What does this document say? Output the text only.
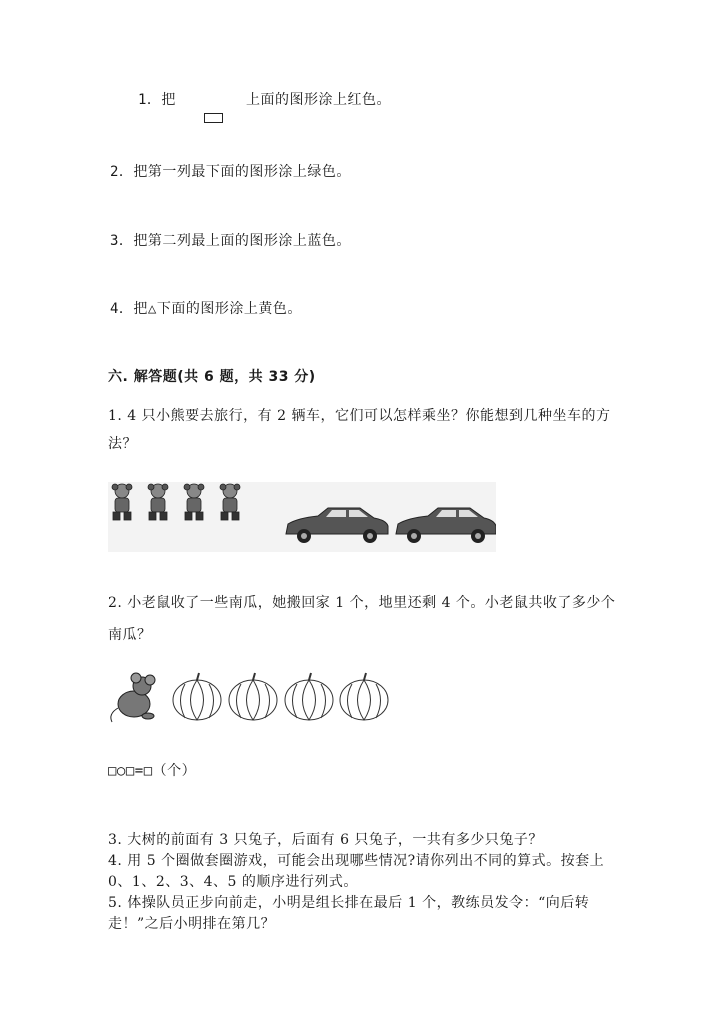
1．把	上面的图形涂上红色。
2．把第一列最下面的图形涂上绿色。
3．把第二列最上面的图形涂上蓝色。
4．把△下面的图形涂上黄色。
六. 解答题(共 6 题，共 33 分)
1. 4 只小熊要去旅行，有 2 辆车，它们可以怎样乘坐？你能想到几种坐车的方
法？
2. 小老鼠收了一些南瓜，她搬回家 1 个，地里还剩 4 个。小老鼠共收了多少个
南瓜？
□○□=□（个）
3. 大树的前面有 3 只兔子，后面有 6 只兔子，一共有多少只兔子？
4. 用 5 个圈做套圈游戏，可能会出现哪些情况?请你列出不同的算式。按套上
0、1、2、3、4、5 的顺序进行列式。
5. 体操队员正步向前走，小明是组长排在最后 1 个，教练员发令：“向后转
走！”之后小明排在第几？
